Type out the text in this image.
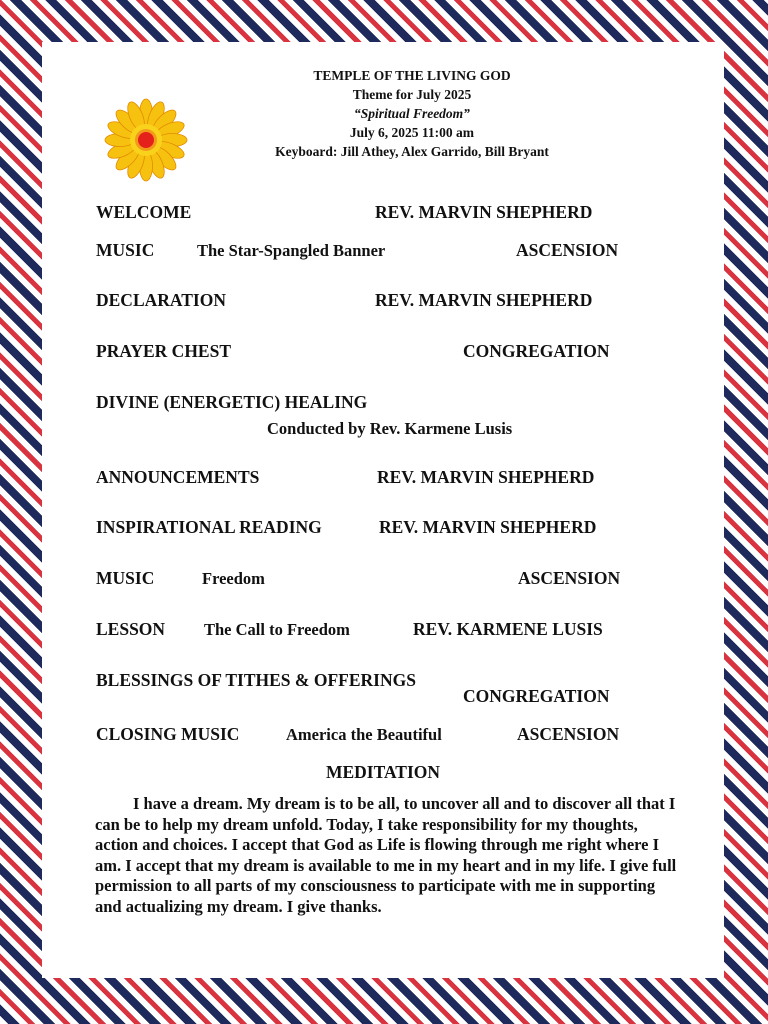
TEMPLE OF THE LIVING GOD
Theme for July 2025
“Spiritual Freedom”
July 6, 2025 11:00 am
Keyboard: Jill Athey, Alex Garrido, Bill Bryant
WELCOME	REV. MARVIN SHEPHERD
MUSIC	The Star-Spangled Banner	ASCENSION
DECLARATION	REV. MARVIN SHEPHERD
PRAYER CHEST	CONGREGATION
DIVINE (ENERGETIC) HEALING
Conducted by Rev. Karmene Lusis
ANNOUNCEMENTS	REV. MARVIN SHEPHERD
INSPIRATIONAL READING	REV. MARVIN SHEPHERD
MUSIC	Freedom	ASCENSION
LESSON The Call to Freedom	REV. KARMENE LUSIS
BLESSINGS OF TITHES & OFFERINGS
CONGREGATION
CLOSING MUSIC	America the Beautiful	ASCENSION
MEDITATION
I have a dream. My dream is to be all, to uncover all and to discover all that I can be to help my dream unfold. Today, I take responsibility for my thoughts, action and choices. I accept that God as Life is flowing through me right where I am. I accept that my dream is available to me in my heart and in my life. I give full permission to all parts of my consciousness to participate with me in supporting and actualizing my dream. I give thanks.
